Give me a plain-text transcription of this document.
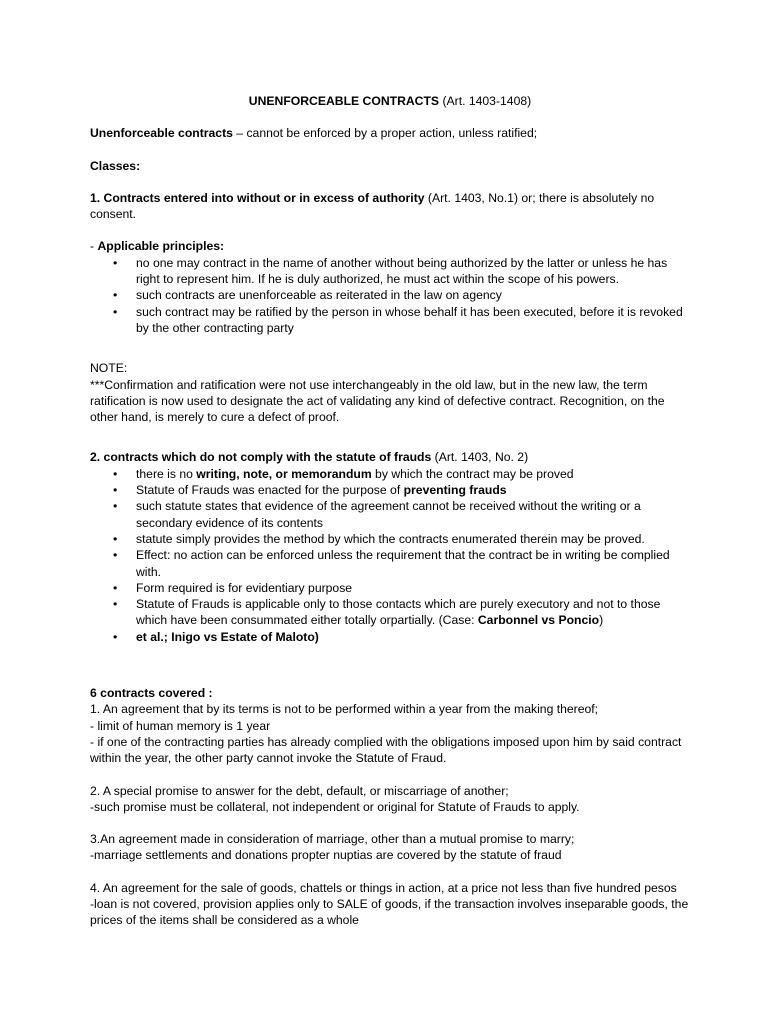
UNENFORCEABLE CONTRACTS (Art. 1403-1408)

Unenforceable contracts – cannot be enforced by a proper action, unless ratified;

Classes:

1. Contracts entered into without or in excess of authority (Art. 1403, No.1) or; there is absolutely no consent.

- Applicable principles:

• no one may contract in the name of another without being authorized by the latter or unless he has right to represent him. If he is duly authorized, he must act within the scope of his powers.
• such contracts are unenforceable as reiterated in the law on agency
• such contract may be ratified by the person in whose behalf it has been executed, before it is revoked by the other contracting party

NOTE:

***Confirmation and ratification were not use interchangeably in the old law, but in the new law, the term ratification is now used to designate the act of validating any kind of defective contract. Recognition, on the other hand, is merely to cure a defect of proof.

2. contracts which do not comply with the statute of frauds (Art. 1403, No. 2)

• there is no writing, note, or memorandum by which the contract may be proved
• Statute of Frauds was enacted for the purpose of preventing frauds
• such statute states that evidence of the agreement cannot be received without the writing or a secondary evidence of its contents
• statute simply provides the method by which the contracts enumerated therein may be proved.
• Effect: no action can be enforced unless the requirement that the contract be in writing be complied with.
• Form required is for evidentiary purpose
• Statute of Frauds is applicable only to those contacts which are purely executory and not to those which have been consummated either totally orpartially. (Case: Carbonnel vs Poncio)
• et al.; Inigo vs Estate of Maloto)

6 contracts covered :

1. An agreement that by its terms is not to be performed within a year from the making thereof;

- limit of human memory is 1 year

- if one of the contracting parties has already complied with the obligations imposed upon him by said contract within the year, the other party cannot invoke the Statute of Fraud.

2. A special promise to answer for the debt, default, or miscarriage of another;

-such promise must be collateral, not independent or original for Statute of Frauds to apply.

3.An agreement made in consideration of marriage, other than a mutual promise to marry;

-marriage settlements and donations propter nuptias are covered by the statute of fraud

4. An agreement for the sale of goods, chattels or things in action, at a price not less than five hundred pesos

-loan is not covered, provision applies only to SALE of goods, if the transaction involves inseparable goods, the prices of the items shall be considered as a whole
